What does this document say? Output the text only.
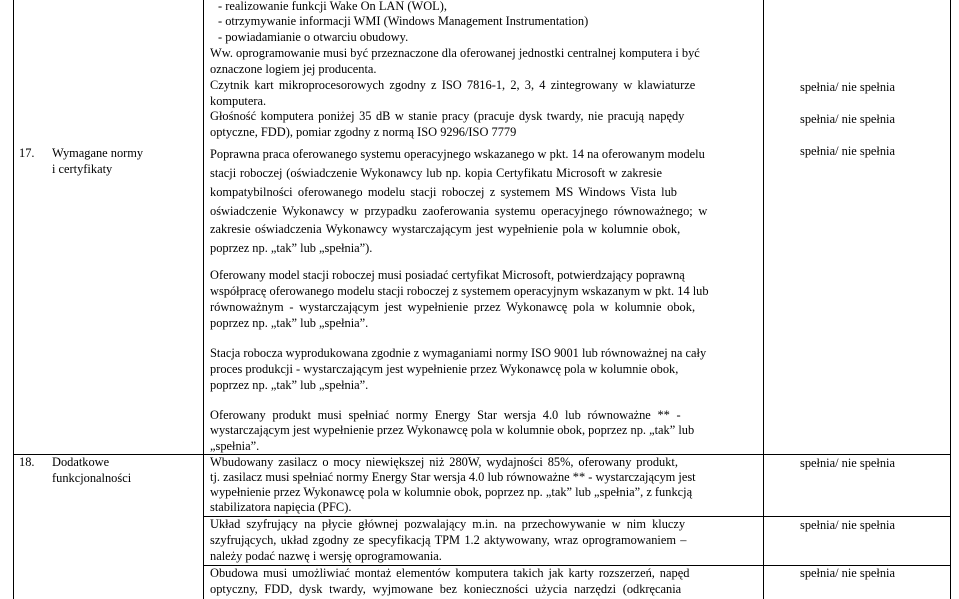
17. Wymagane normy
i certyfikaty
- realizowanie funkcji Wake On LAN (WOL),
- otrzymywanie informacji WMI (Windows Management Instrumentation)
- powiadamianie o otwarciu obudowy.
Ww. oprogramowanie musi być przeznaczone dla oferowanej jednostki centralnej komputera i być
oznaczone logiem jej producenta.
Czytnik kart mikroprocesorowych zgodny z ISO 7816-1, 2, 3, 4 zintegrowany w klawiaturze
komputera.
Głośność komputera poniżej 35 dB w stanie pracy (pracuje dysk twardy, nie pracują napędy
optyczne, FDD), pomiar zgodny z normą ISO 9296/ISO 7779
Poprawna praca oferowanego systemu operacyjnego wskazanego w pkt. 14 na oferowanym modelu
stacji roboczej (oświadczenie Wykonawcy lub np. kopia Certyfikatu Microsoft w zakresie
kompatybilności oferowanego modelu stacji roboczej z systemem MS Windows Vista lub
oświadczenie Wykonawcy w przypadku zaoferowania systemu operacyjnego równoważnego; w
zakresie oświadczenia Wykonawcy wystarczającym jest wypełnienie pola w kolumnie obok,
poprzez np. „tak” lub „spełnia”).
Oferowany model stacji roboczej musi posiadać certyfikat Microsoft, potwierdzający poprawną
współpracę oferowanego modelu stacji roboczej z systemem operacyjnym wskazanym w pkt. 14 lub
równoważnym - wystarczającym jest wypełnienie przez Wykonawcę pola w kolumnie obok,
poprzez np. „tak” lub „spełnia”.
Stacja robocza wyprodukowana zgodnie z wymaganiami normy ISO 9001 lub równoważnej na cały
proces produkcji - wystarczającym jest wypełnienie przez Wykonawcę pola w kolumnie obok,
poprzez np. „tak” lub „spełnia”.
Oferowany produkt musi spełniać normy Energy Star wersja 4.0 lub równoważne ** -
wystarczającym jest wypełnienie przez Wykonawcę pola w kolumnie obok, poprzez np. „tak” lub
„spełnia”.
spełnia/ nie spełnia
spełnia/ nie spełnia
spełnia/ nie spełnia
18. Dodatkowe
funkcjonalności
Wbudowany zasilacz o mocy niewiększej niż 280W, wydajności 85%, oferowany produkt,
tj. zasilacz musi spełniać normy Energy Star wersja 4.0 lub równoważne ** - wystarczającym jest
wypełnienie przez Wykonawcę pola w kolumnie obok, poprzez np. „tak” lub „spełnia”, z funkcją
stabilizatora napięcia (PFC).
Układ szyfrujący na płycie głównej pozwalający m.in. na przechowywanie w nim kluczy
szyfrujących, układ zgodny ze specyfikacją TPM 1.2 aktywowany, wraz oprogramowaniem –
należy podać nazwę i wersję oprogramowania.
Obudowa musi umożliwiać montaż elementów komputera takich jak karty rozszerzeń, napęd
optyczny, FDD, dysk twardy, wyjmowane bez konieczności użycia narzędzi (odkręcania
spełnia/ nie spełnia
spełnia/ nie spełnia
spełnia/ nie spełnia
